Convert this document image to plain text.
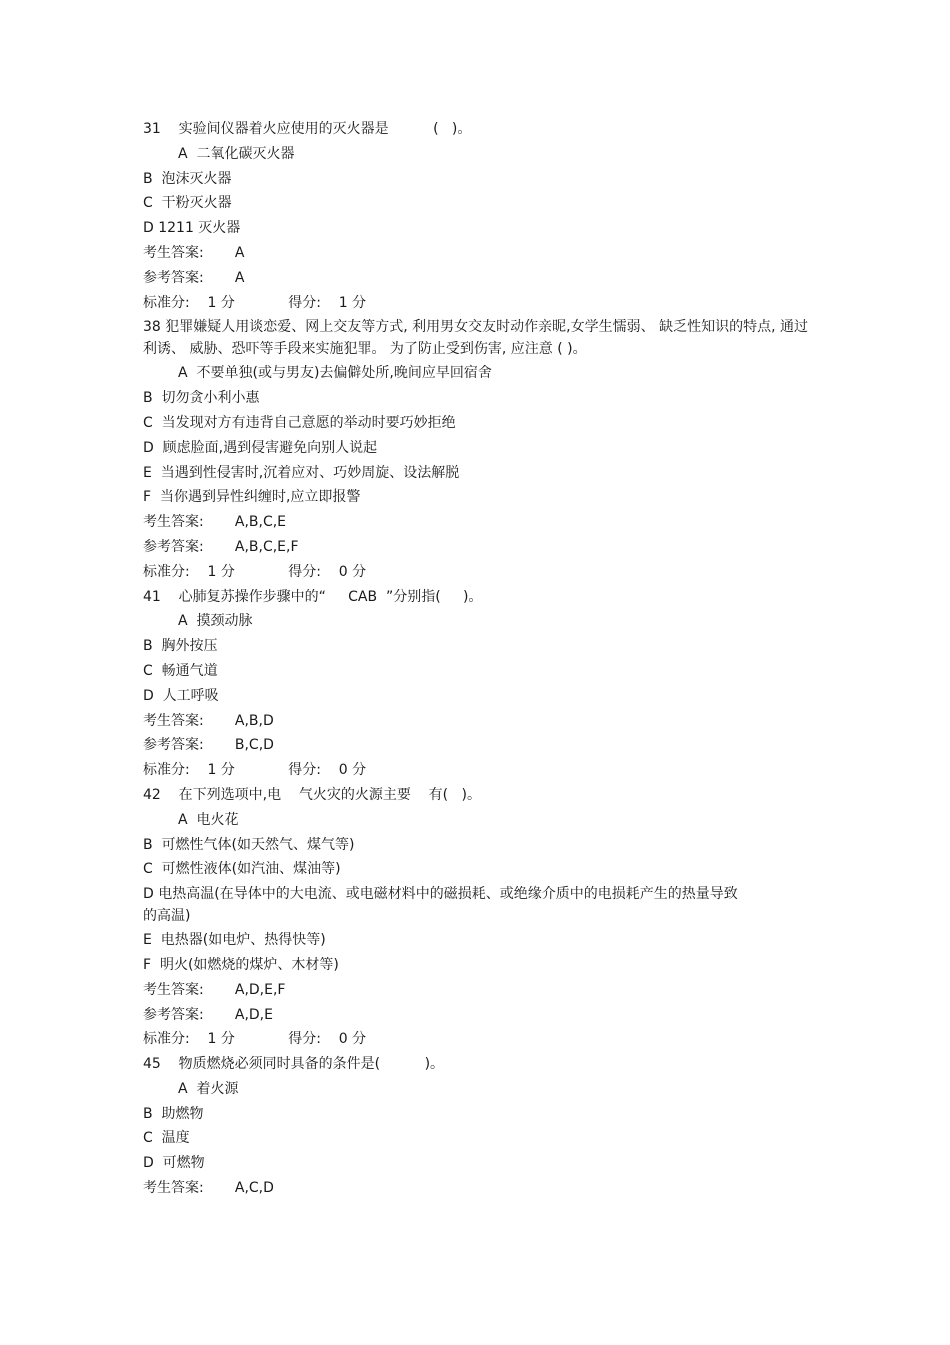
31    实验间仪器着火应使用的灭火器是          (   )。
A  二氧化碳灭火器
B  泡沫灭火器
C  干粉灭火器
D 1211 灭火器
考生答案:       A
参考答案:       A
标准分:    1 分            得分:    1 分
38 犯罪嫌疑人用谈恋爱、网上交友等方式, 利用男女交友时动作亲昵,女学生懦弱、 缺乏性知识的特点, 通过利诱、 威胁、恐吓等手段来实施犯罪。 为了防止受到伤害, 应注意 ( )。
A  不要单独(或与男友)去偏僻处所,晚间应早回宿舍
B  切勿贪小利小惠
C  当发现对方有违背自己意愿的举动时要巧妙拒绝
D  顾虑脸面,遇到侵害避免向别人说起
E  当遇到性侵害时,沉着应对、巧妙周旋、设法解脱
F  当你遇到异性纠缠时,应立即报警
考生答案:       A,B,C,E
参考答案:       A,B,C,E,F
标准分:    1 分            得分:    0 分
41    心肺复苏操作步骤中的“     CAB  ”分别指(     )。
A  摸颈动脉
B  胸外按压
C  畅通气道
D  人工呼吸
考生答案:       A,B,D
参考答案:       B,C,D
标准分:    1 分            得分:    0 分
42    在下列选项中,电    气火灾的火源主要    有(   )。
A  电火花
B  可燃性气体(如天然气、煤气等)
C  可燃性液体(如汽油、煤油等)
D 电热高温(在导体中的大电流、或电磁材料中的磁损耗、或绝缘介质中的电损耗产生的热量导致的高温)
E  电热器(如电炉、热得快等)
F  明火(如燃烧的煤炉、木材等)
考生答案:       A,D,E,F
参考答案:       A,D,E
标准分:    1 分            得分:    0 分
45    物质燃烧必须同时具备的条件是(          )。
A  着火源
B  助燃物
C  温度
D  可燃物
考生答案:       A,C,D
